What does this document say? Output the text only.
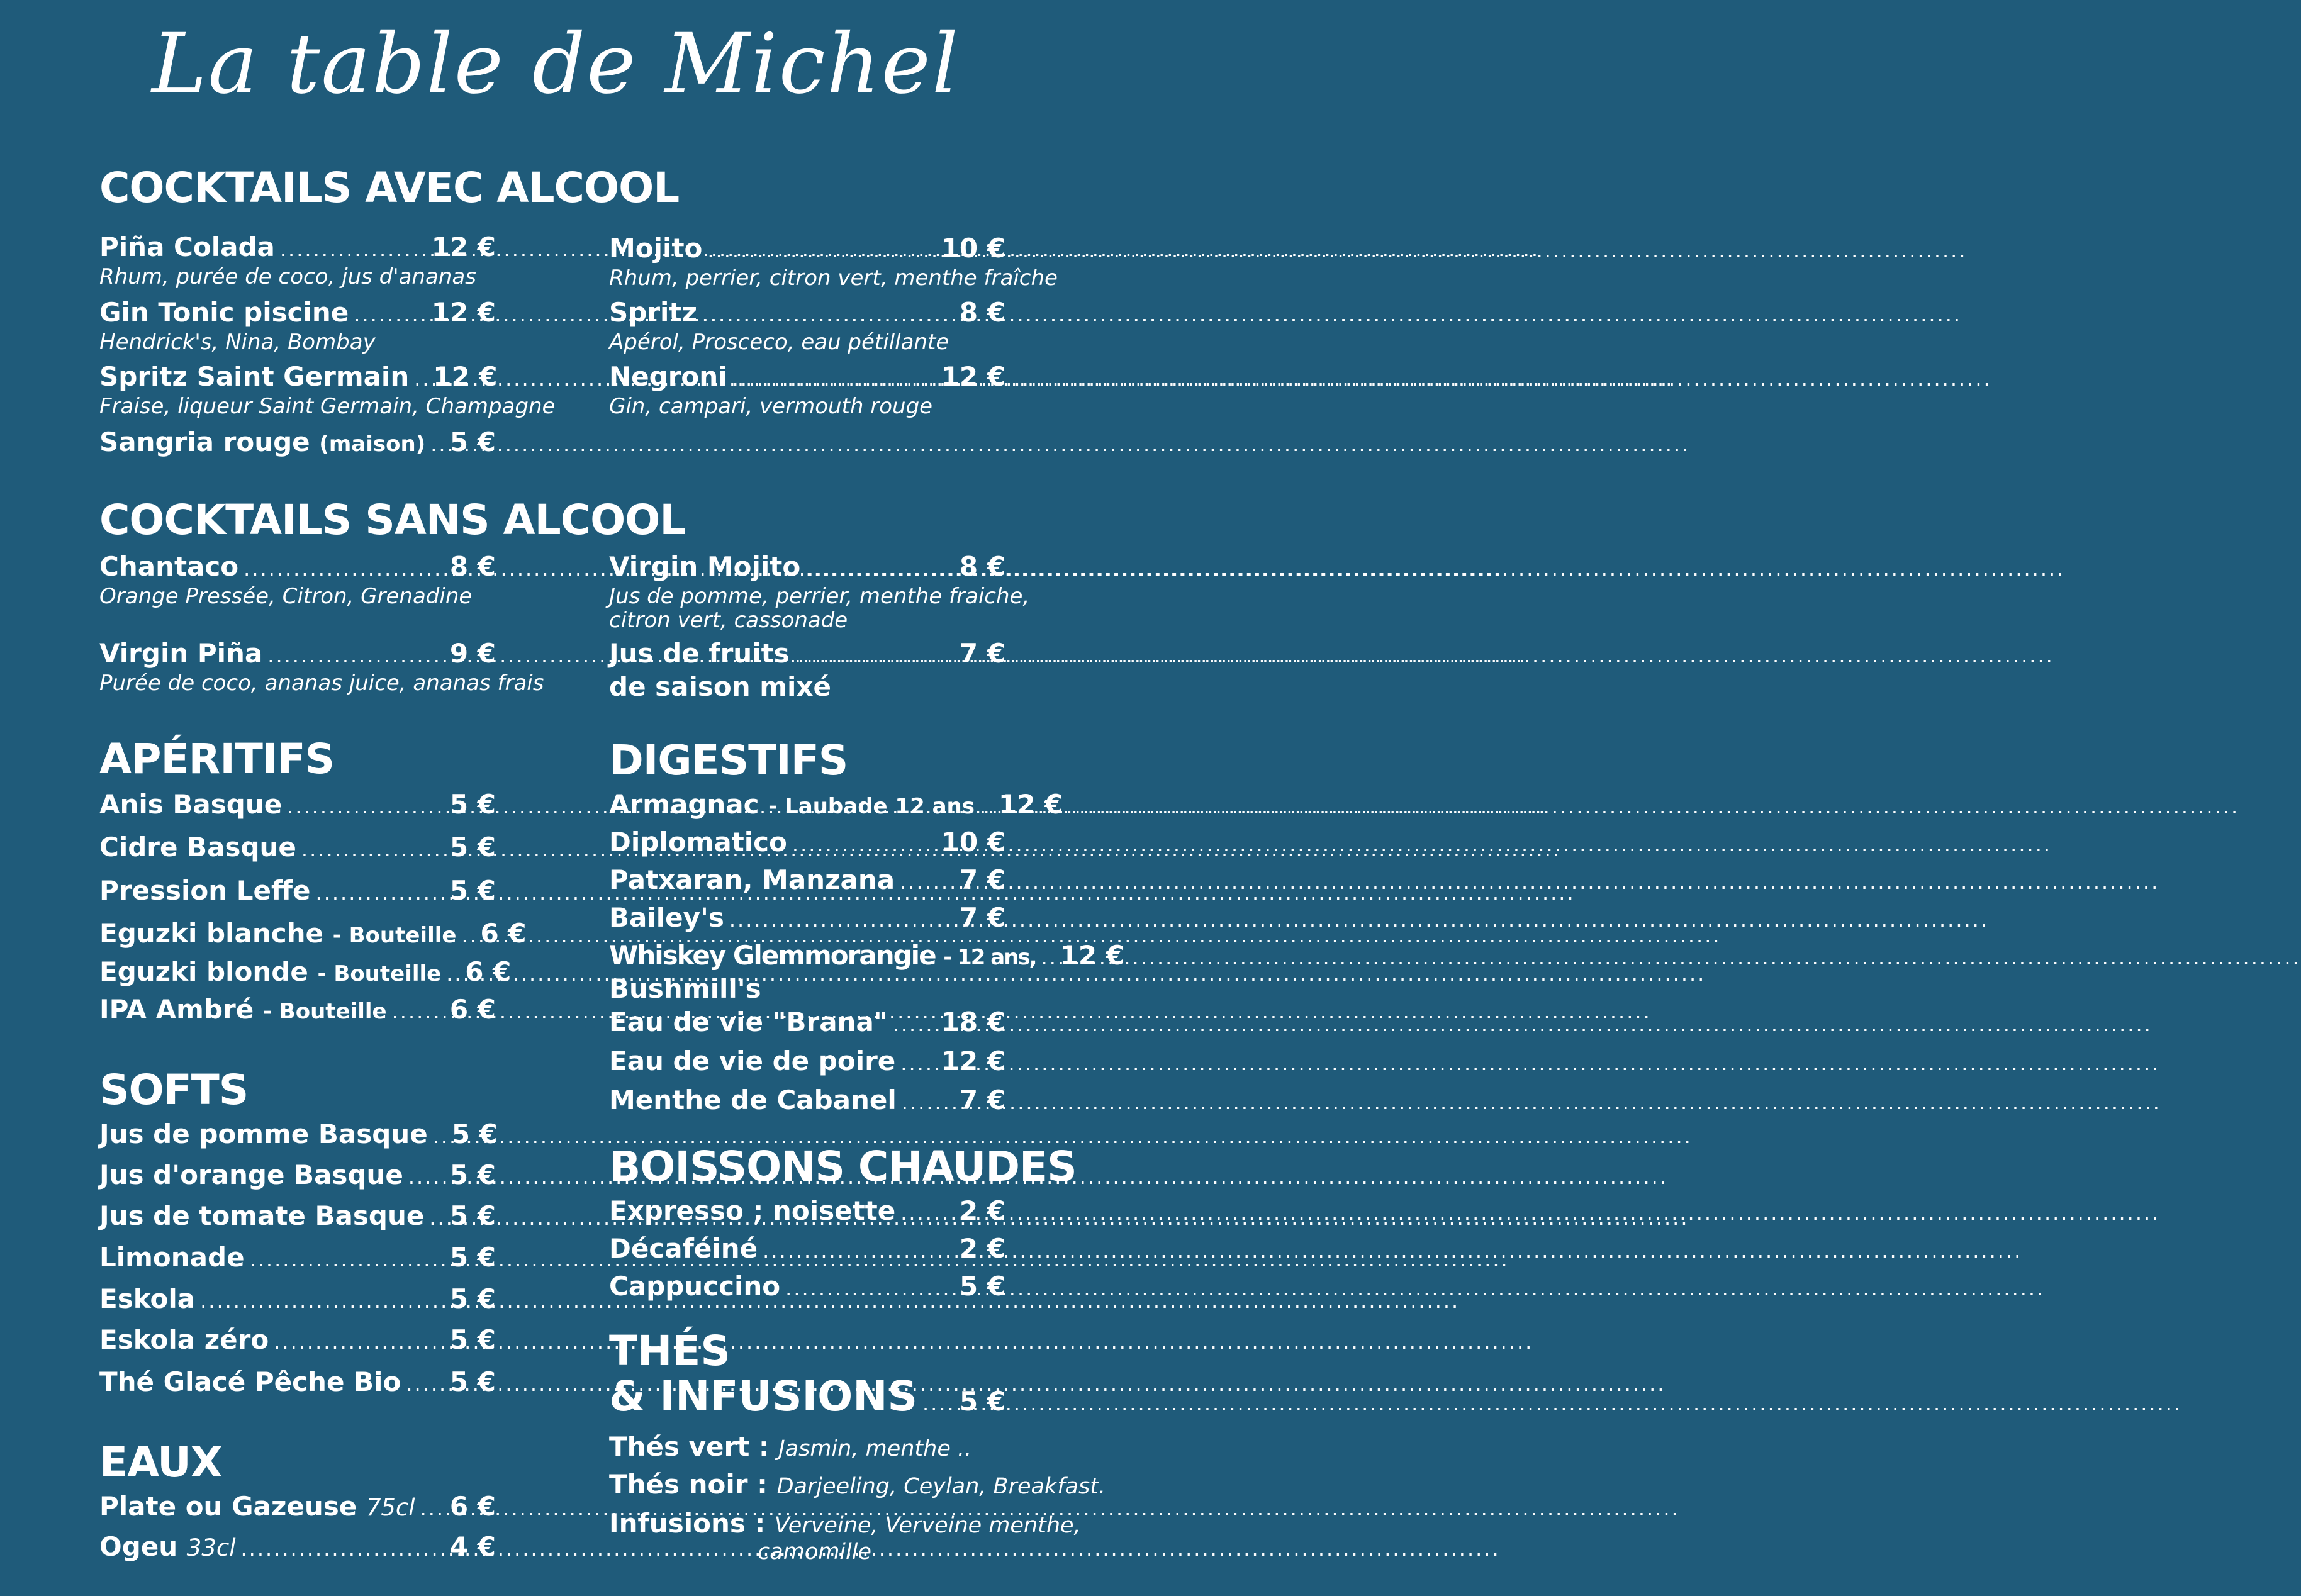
La table de Michel
COCKTAILS AVEC ALCOOL
Piña Colada .....	12 €
Rhum, purée de coco, jus d'ananas
Gin Tonic piscine .....	12 €
Hendrick's, Nina, Bombay
Spritz Saint Germain ..... 12 €
Fraise, liqueur Saint Germain, Champagne
Sangria rouge (maison) ..... 5 €
Mojito .....	10 €
Rhum, perrier, citron vert, menthe fraîche
Spritz .....	8 €
Apérol, Prosceco, eau pétillante
Negroni .....	12 €
Gin, campari, vermouth rouge
COCKTAILS SANS ALCOOL
Chantaco .....	8 €
Orange Pressée, Citron, Grenadine
Virgin Piña .....	9 €
Purée de coco, ananas juice, ananas frais
Virgin Mojito .....	8 €
Jus de pomme, perrier, menthe fraiche,
citron vert, cassonade
Jus de fruits .....	7 €
de saison mixé
APÉRITIFS
Anis Basque .....	5 €
Cidre Basque .....	5 €
Pression Leffe .....	5 €
Eguzki blanche - Bouteille ..... 6 €
Eguzki blonde - Bouteille ..... 6 €
IPA Ambré - Bouteille ..... 6 €
SOFTS
Jus de pomme Basque ..... 5 €
Jus d'orange Basque ..... 5 €
Jus de tomate Basque ..... 5 €
Limonade .....	5 €
Eskola .....	5 €
Eskola zéro .....	5 €
Thé Glacé Pêche Bio ..... 5 €
EAUX
Plate ou Gazeuse 75cl ..... 6 €
Ogeu 33cl .....	4 €
DIGESTIFS
Armagnac - Laubade 12 ans ..... 12 €
Diplomatico .....	10 €
Patxaran, Manzana ..... 7 €
Bailey's .....	7 €
Whiskey Glemmorangie - 12 ans, ..... 12 €
Bushmill's
Eau de vie "Brana" ..... 18 €
Eau de vie de poire ..... 12 €
Menthe de Cabanel ..... 7 €
BOISSONS CHAUDES
Expresso ; noisette ..... 2 €
Décaféiné .....	2 €
Cappuccino .....	5 €
THÉS
& INFUSIONS ..... 5 €
Thés vert : Jasmin, menthe ..
Thés noir : Darjeeling, Ceylan, Breakfast.
Infusions : Verveine, Verveine menthe,
camomille
